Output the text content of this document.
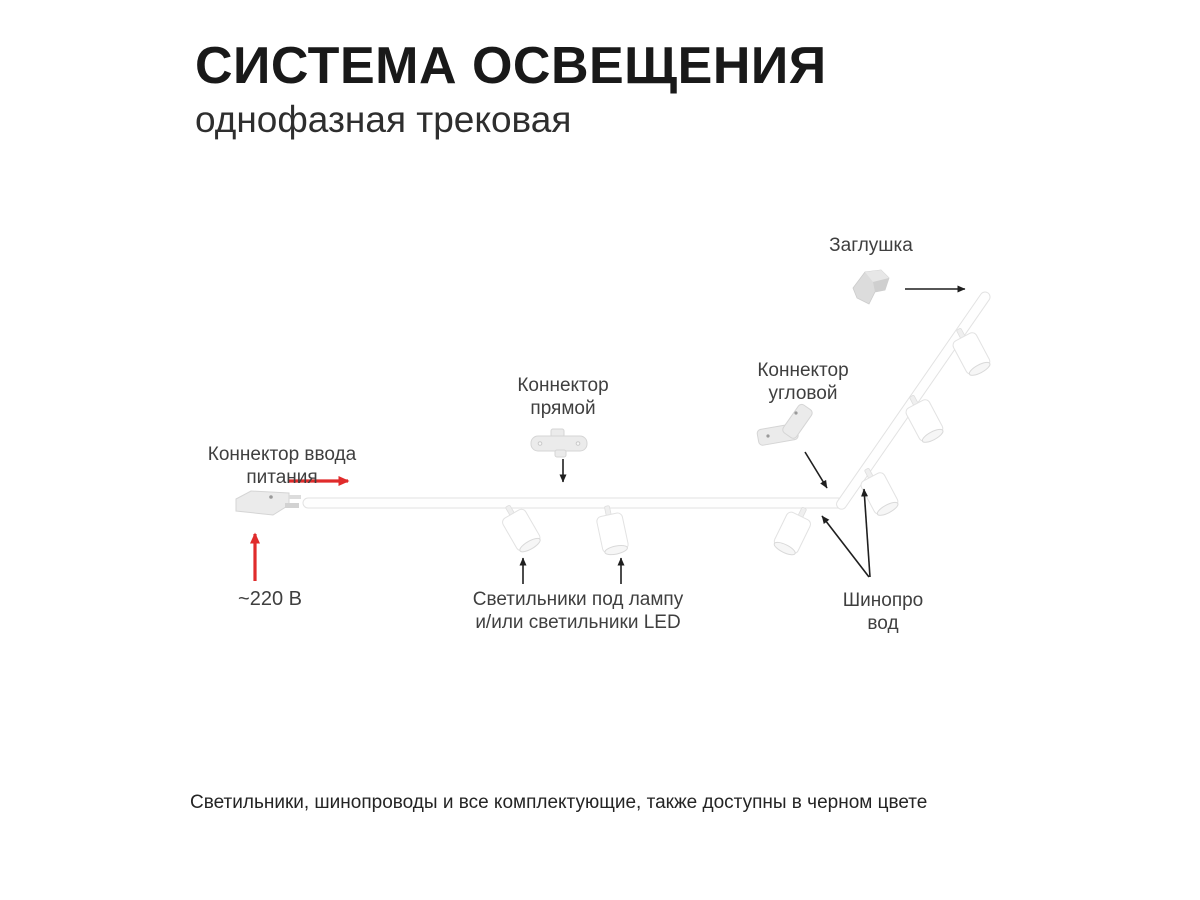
СИСТЕМА ОСВЕЩЕНИЯ

однофазная трековая

Заглушка
Коннектор
прямой
Коннектор
угловой
Коннектор ввода
питания
~220 В	Светильники под лампу
и/или светильники LED
Шинопро
вод
Светильники, шинопроводы и все комплектующие, также доступны в черном цвете
